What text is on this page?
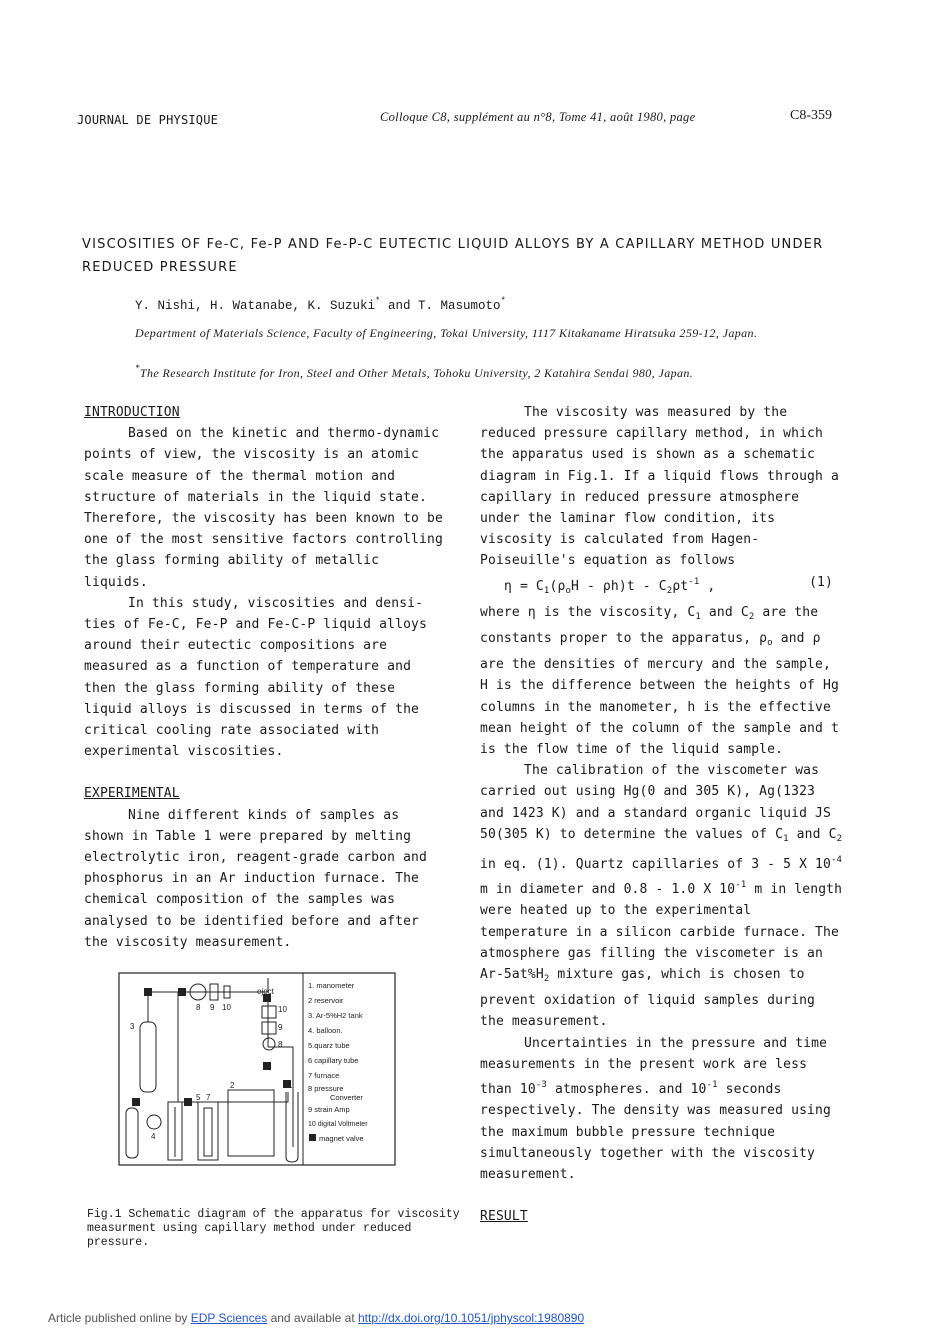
JOURNAL DE PHYSIQUE	Colloque C8, supplément au n°8, Tome 41, août 1980, page	C8-359
VISCOSITIES OF Fe-C, Fe-P AND Fe-P-C EUTECTIC LIQUID ALLOYS BY A CAPILLARY METHOD UNDER REDUCED PRESSURE
Y. Nishi, H. Watanabe, K. Suzuki* and T. Masumoto*
Department of Materials Science, Faculty of Engineering, Tokai University, 1117 Kitakaname Hiratsuka 259-12, Japan.
*The Research Institute for Iron, Steel and Other Metals, Tohoku University, 2 Katahira Sendai 980, Japan.

INTRODUCTION

Based on the kinetic and thermo-dynamic points of view, the viscosity is an atomic scale measure of the thermal motion and structure of materials in the liquid state. Therefore, the viscosity has been known to be one of the most sensitive factors controlling the glass forming ability of metallic liquids.

In this study, viscosities and densi-ties of Fe-C, Fe-P and Fe-C-P liquid alloys around their eutectic compositions are measured as a function of temperature and then the glass forming ability of these liquid alloys is discussed in terms of the critical cooling rate associated with experimental viscosities.

EXPERIMENTAL

Nine different kinds of samples as shown in Table 1 were prepared by melting electrolytic iron, reagent-grade carbon and phosphorus in an Ar induction furnace. The chemical composition of the samples was analysed to be identified before and after the viscosity measurement.

3
8 9 10
eject
10
9
8
2	1
5 7
4
1. manometer
2 reservoir
3. Ar-5%H2 tank
4. balloon.
5.quarz tube
6 capillary tube
7 furnace
8 pressure
Converter
9 strain Amp
10 digital Voltmeter
magnet valve
Fig.1 Schematic diagram of the apparatus for viscosity measurment using capillary method under reduced pressure.

The viscosity was measured by the reduced pressure capillary method, in which the apparatus used is shown as a schematic diagram in Fig.1. If a liquid flows through a capillary in reduced pressure atmosphere under the laminar flow condition, its viscosity is calculated from Hagen-Poiseuille's equation as follows

$\eta = C_1(\rho_oH - \rho h)t - C_2\rho t^{-1}$ ,	(1)

where η is the viscosity, $C_1$ and $C_2$ are the constants proper to the apparatus, $\rho_o$ and ρ are the densities of mercury and the sample, H is the difference between the heights of Hg columns in the manometer, h is the effective mean height of the column of the sample and t is the flow time of the liquid sample.

The calibration of the viscometer was carried out using Hg(0 and 305 K), Ag(1323 and 1423 K) and a standard organic liquid JS 50(305 K) to determine the values of $C_1$ and $C_2$ in eq. (1). Quartz capillaries of 3 - 5 X $10^{-4}$ m in diameter and 0.8 - 1.0 X $10^{-1}$ m in length were heated up to the experimental temperature in a silicon carbide furnace. The atmosphere gas filling the viscometer is an $Ar-5at\%H_2$ mixture gas, which is chosen to prevent oxidation of liquid samples during the measurement.

Uncertainties in the pressure and time measurements in the present work are less than $10^{-3}$ atmospheres. and $10^{-1}$ seconds respectively. The density was measured using the maximum bubble pressure technique simultaneously together with the viscosity measurement.

RESULT

Article published online by EDP Sciences and available at http://dx.doi.org/10.1051/jphyscol:1980890
